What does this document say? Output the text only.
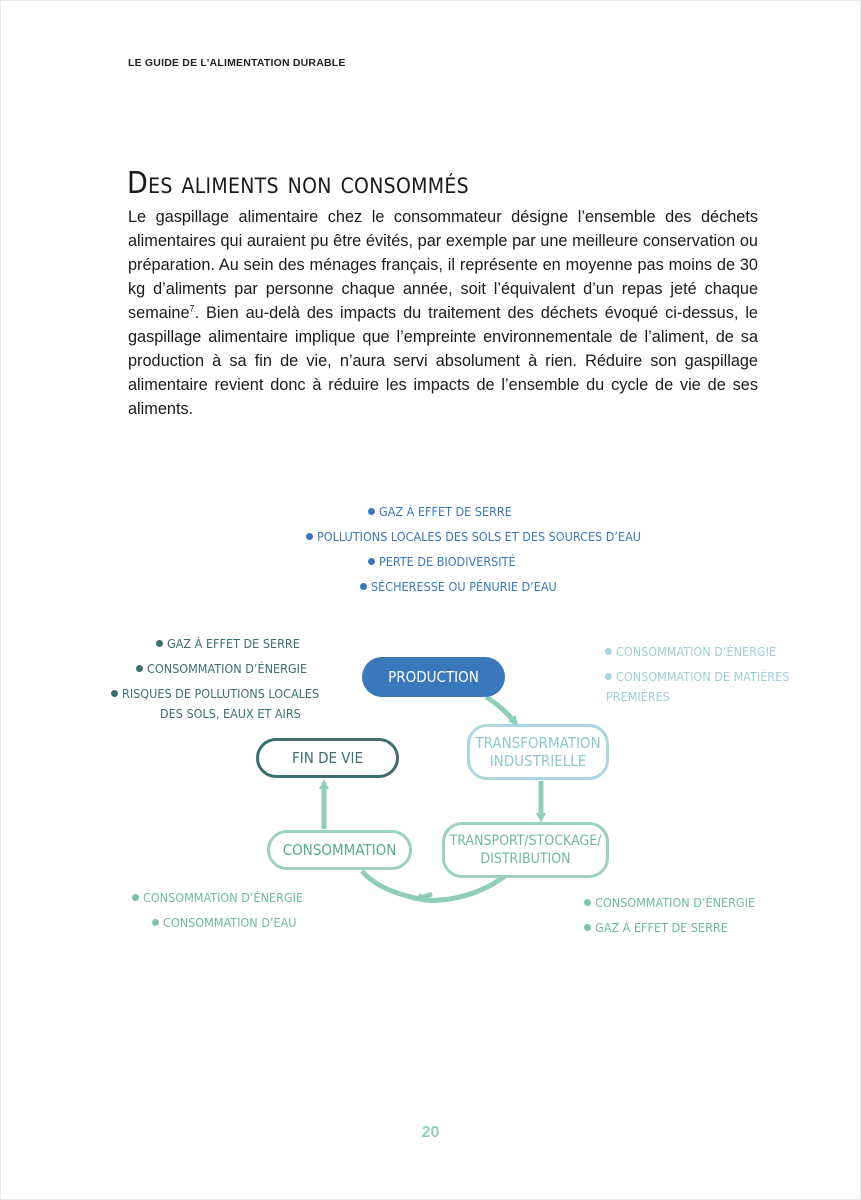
LE GUIDE DE L’ALIMENTATION DURABLE
Des aliments non consommés

Le gaspillage alimentaire chez le consommateur désigne l’ensemble des déchets alimentaires qui auraient pu être évités, par exemple par une meilleure conservation ou préparation. Au sein des ménages français, il représente en moyenne pas moins de 30 kg d’aliments par personne chaque année, soit l’équivalent d’un repas jeté chaque semaine$^7$. Bien au-delà des impacts du traitement des déchets évoqué ci-dessus, le gaspillage alimentaire implique que l’empreinte environnementale de l’aliment, de sa production à sa fin de vie, n’aura servi absolument à rien. Réduire son gaspillage alimentaire revient donc à réduire les impacts de l’ensemble du cycle de vie de ses aliments.

PRODUCTION
TRANSFORMATION
INDUSTRIELLE
TRANSPORT/STOCKAGE/
DISTRIBUTION
CONSOMMATION
FIN DE VIE
GAZ À EFFET DE SERRE
POLLUTIONS LOCALES DES SOLS ET DES SOURCES D’EAU
PERTE DE BIODIVERSITÉ
SÉCHERESSE OU PÉNURIE D’EAU
GAZ À EFFET DE SERRE
CONSOMMATION D’ÉNERGIE
RISQUES DE POLLUTIONS LOCALES
DES SOLS, EAUX ET AIRS
CONSOMMATION D’ÉNERGIE
CONSOMMATION DE MATIÈRES
PREMIÈRES
CONSOMMATION D’ÉNERGIE
CONSOMMATION D’EAU
CONSOMMATION D’ÉNERGIE
GAZ À EFFET DE SERRE
20
